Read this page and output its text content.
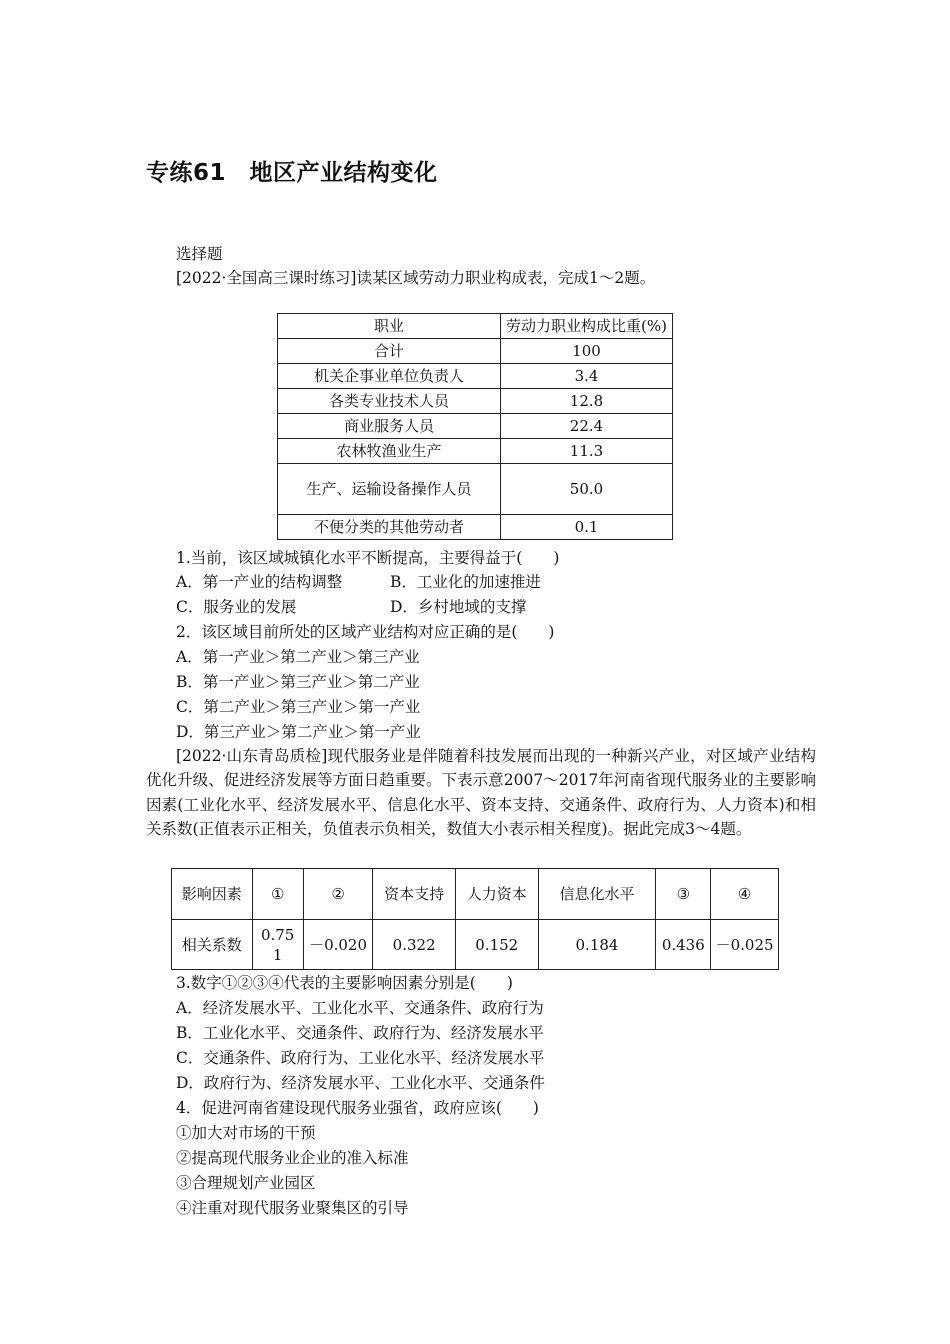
专练61　地区产业结构变化
选择题
[2022·全国高三课时练习]读某区域劳动力职业构成表，完成1～2题。
职业	劳动力职业构成比重(%)
合计	100
机关企事业单位负责人	3.4
各类专业技术人员	12.8
商业服务人员	22.4
农林牧渔业生产	11.3
生产、运输设备操作人员	50.0
不便分类的其他劳动者	0.1
1.当前，该区域城镇化水平不断提高，主要得益于(　　)
A．第一产业的结构调整	B．工业化的加速推进
C．服务业的发展	D．乡村地域的支撑
2．该区域目前所处的区域产业结构对应正确的是(　　)
A．第一产业＞第二产业＞第三产业
B．第一产业＞第三产业＞第二产业
C．第二产业＞第三产业＞第一产业
D．第三产业＞第二产业＞第一产业
[2022·山东青岛质检]现代服务业是伴随着科技发展而出现的一种新兴产业，对区域产业结构优化升级、促进经济发展等方面日趋重要。下表示意2007～2017年河南省现代服务业的主要影响因素(工业化水平、经济发展水平、信息化水平、资本支持、交通条件、政府行为、人力资本)和相关系数(正值表示正相关，负值表示负相关，数值大小表示相关程度)。据此完成3～4题。
影响因素	①	②	资本支持	人力资本	信息化水平	③	④
相关系数	0.751	－0.020	0.322	0.152	0.184	0.436	－0.025
3.数字①②③④代表的主要影响因素分别是(　　)
A．经济发展水平、工业化水平、交通条件、政府行为
B．工业化水平、交通条件、政府行为、经济发展水平
C．交通条件、政府行为、工业化水平、经济发展水平
D．政府行为、经济发展水平、工业化水平、交通条件
4．促进河南省建设现代服务业强省，政府应该(　　)
①加大对市场的干预
②提高现代服务业企业的准入标准
③合理规划产业园区
④注重对现代服务业聚集区的引导
